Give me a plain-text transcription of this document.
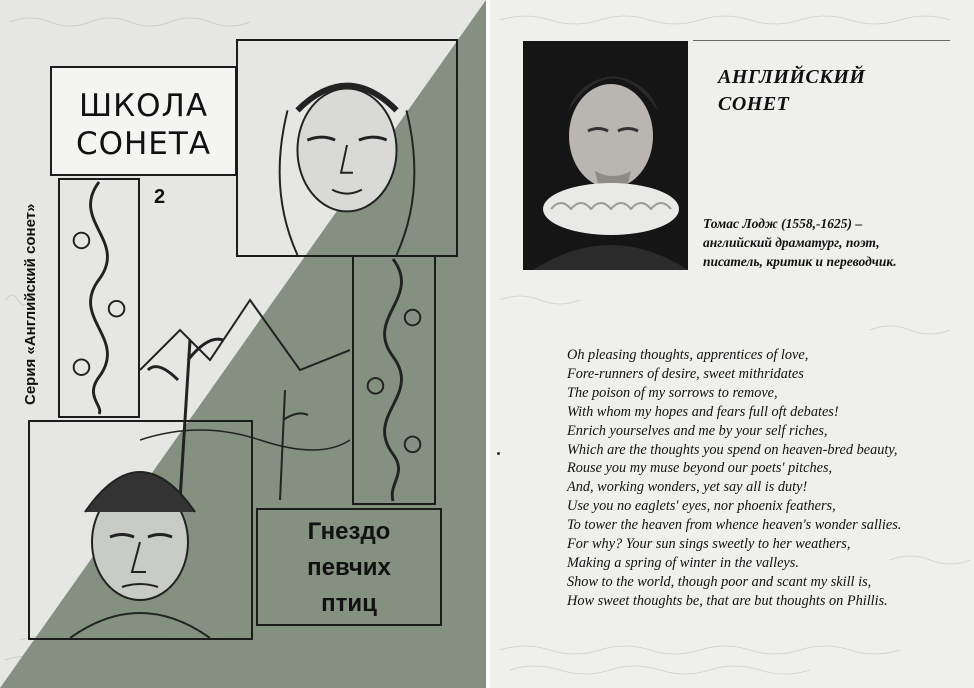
ШКОЛА
СОНЕТА
2
Гнездо
певчих
птиц
Серия «Английский сонет»
АНГЛИЙСКИЙ
СОНЕТ
Томас Лодж (1558,-1625) –
английский драматург, поэт,
писатель, критик и переводчик.
Oh pleasing thoughts, apprentices of love,
Fore-runners of desire, sweet mithridates
The poison of my sorrows to remove,
With whom my hopes and fears full oft debates!
Enrich yourselves and me by your self riches,
Which are the thoughts you spend on heaven-bred beauty,
Rouse you my muse beyond our poets' pitches,
And, working wonders, yet say all is duty!
Use you no eaglets' eyes, nor phoenix feathers,
To tower the heaven from whence heaven's wonder sallies.
For why? Your sun sings sweetly to her weathers,
Making a spring of winter in the valleys.
Show to the world, though poor and scant my skill is,
How sweet thoughts be, that are but thoughts on Phillis.
